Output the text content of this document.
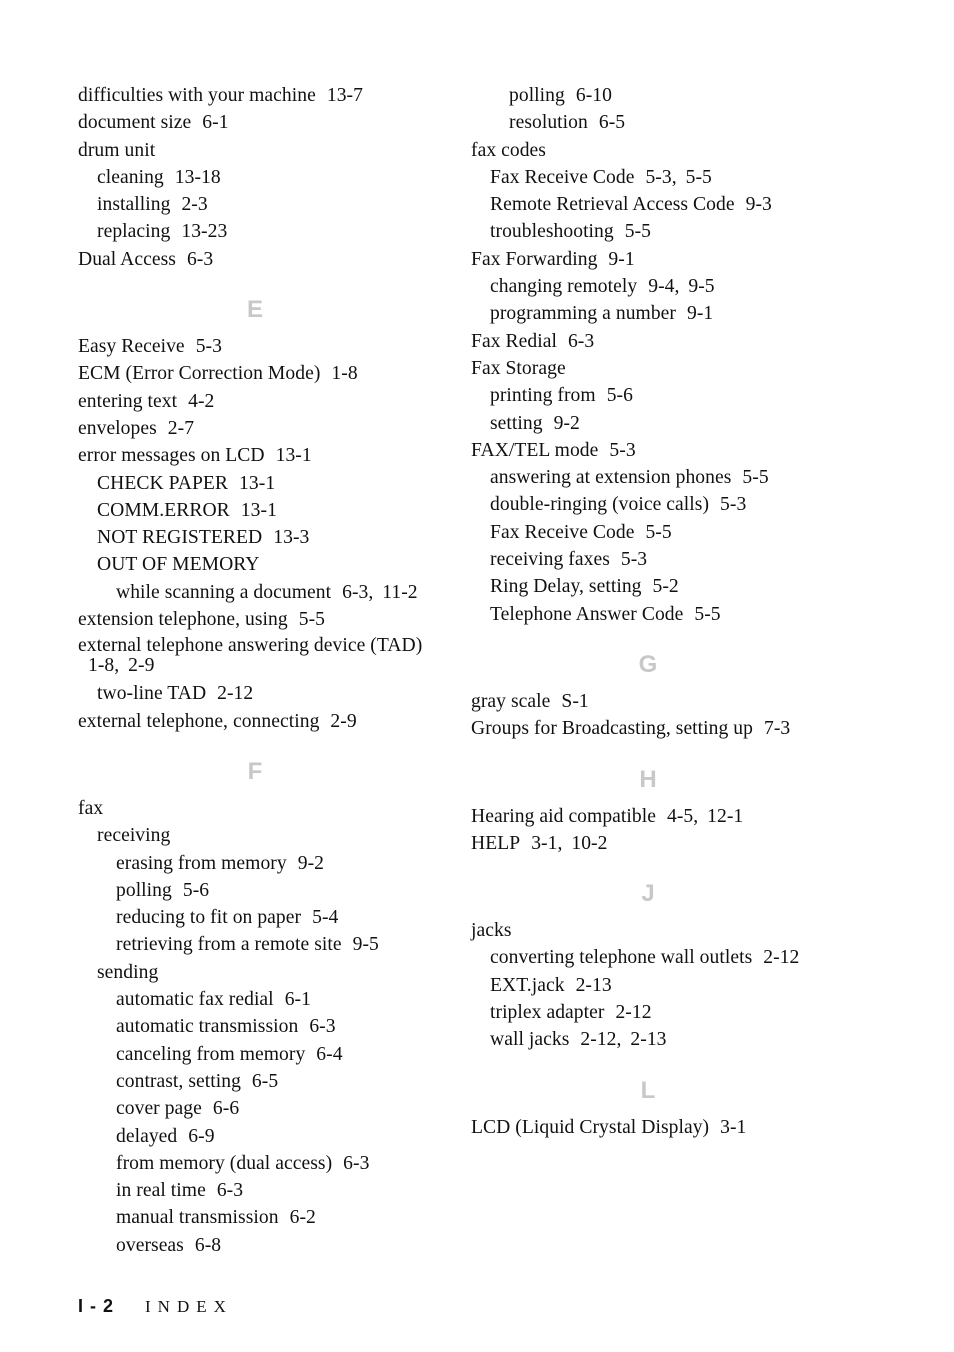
difficulties with your machine 13-7
document size 6-1
drum unit
cleaning 13-18
installing 2-3
replacing 13-23
Dual Access 6-3
E
Easy Receive 5-3
ECM (Error Correction Mode) 1-8
entering text 4-2
envelopes 2-7
error messages on LCD 13-1
CHECK PAPER 13-1
COMM.ERROR 13-1
NOT REGISTERED 13-3
OUT OF MEMORY
while scanning a document 6-3, 11-2
extension telephone, using 5-5
external telephone answering device (TAD)
1-8, 2-9
two-line TAD 2-12
external telephone, connecting 2-9
F
fax
receiving
erasing from memory 9-2
polling 5-6
reducing to fit on paper 5-4
retrieving from a remote site 9-5
sending
automatic fax redial 6-1
automatic transmission 6-3
canceling from memory 6-4
contrast, setting 6-5
cover page 6-6
delayed 6-9
from memory (dual access) 6-3
in real time 6-3
manual transmission 6-2
overseas 6-8
polling 6-10
resolution 6-5
fax codes
Fax Receive Code 5-3, 5-5
Remote Retrieval Access Code 9-3
troubleshooting 5-5
Fax Forwarding 9-1
changing remotely 9-4, 9-5
programming a number 9-1
Fax Redial 6-3
Fax Storage
printing from 5-6
setting 9-2
FAX/TEL mode 5-3
answering at extension phones 5-5
double-ringing (voice calls) 5-3
Fax Receive Code 5-5
receiving faxes 5-3
Ring Delay, setting 5-2
Telephone Answer Code 5-5
G
gray scale S-1
Groups for Broadcasting, setting up 7-3
H
Hearing aid compatible 4-5, 12-1
HELP 3-1, 10-2
J
jacks
converting telephone wall outlets 2-12
EXT.jack 2-13
triplex adapter 2-12
wall jacks 2-12, 2-13
L
LCD (Liquid Crystal Display) 3-1
I - 2 INDEX
